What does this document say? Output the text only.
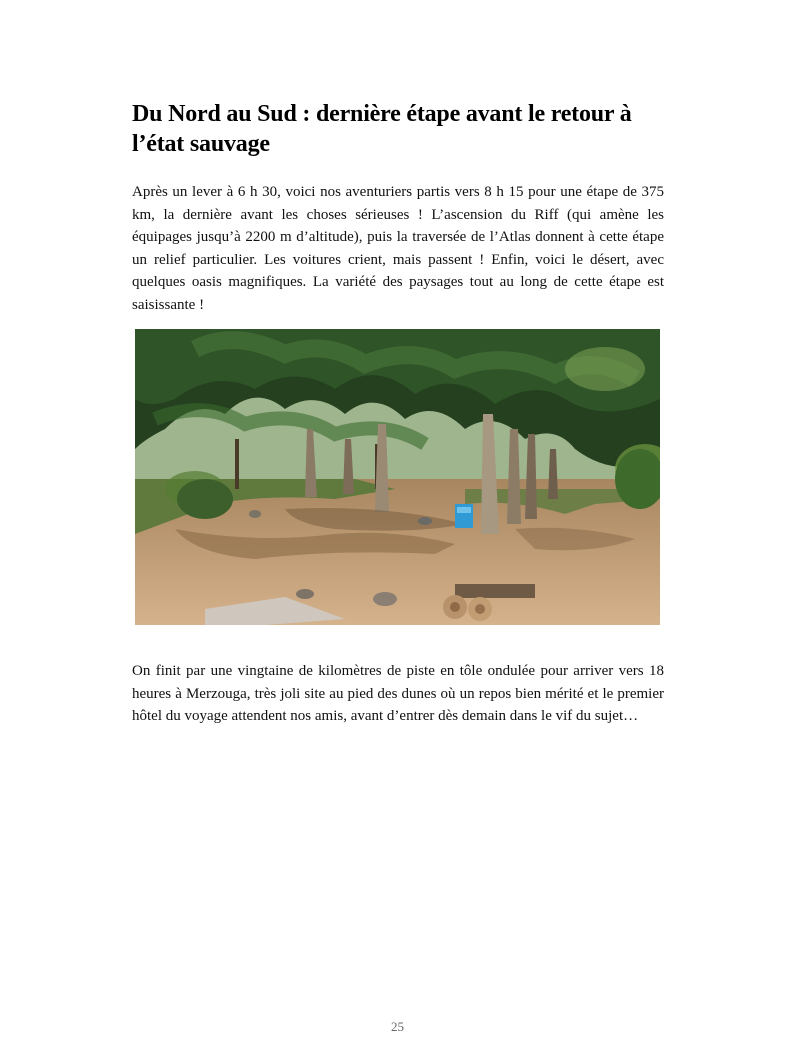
Du Nord au Sud : dernière étape avant le retour à l’état sauvage

Après un lever à 6 h 30, voici nos aventuriers partis vers 8 h 15 pour une étape de 375 km, la dernière avant les choses sérieuses ! L’ascension du Riff (qui amène les équipages jusqu’à 2200 m d’altitude), puis la traversée de l’Atlas donnent à cette étape un relief particulier. Les voitures crient, mais passent ! Enfin, voici le désert, avec quelques oasis magnifiques. La variété des paysages tout au long de cette étape est saisissante !

On finit par une vingtaine de kilomètres de piste en tôle ondulée pour arriver vers 18 heures à Merzouga, très joli site au pied des dunes où un repos bien mérité et le premier hôtel du voyage attendent nos amis, avant d’entrer dès demain dans le vif du sujet…

25
